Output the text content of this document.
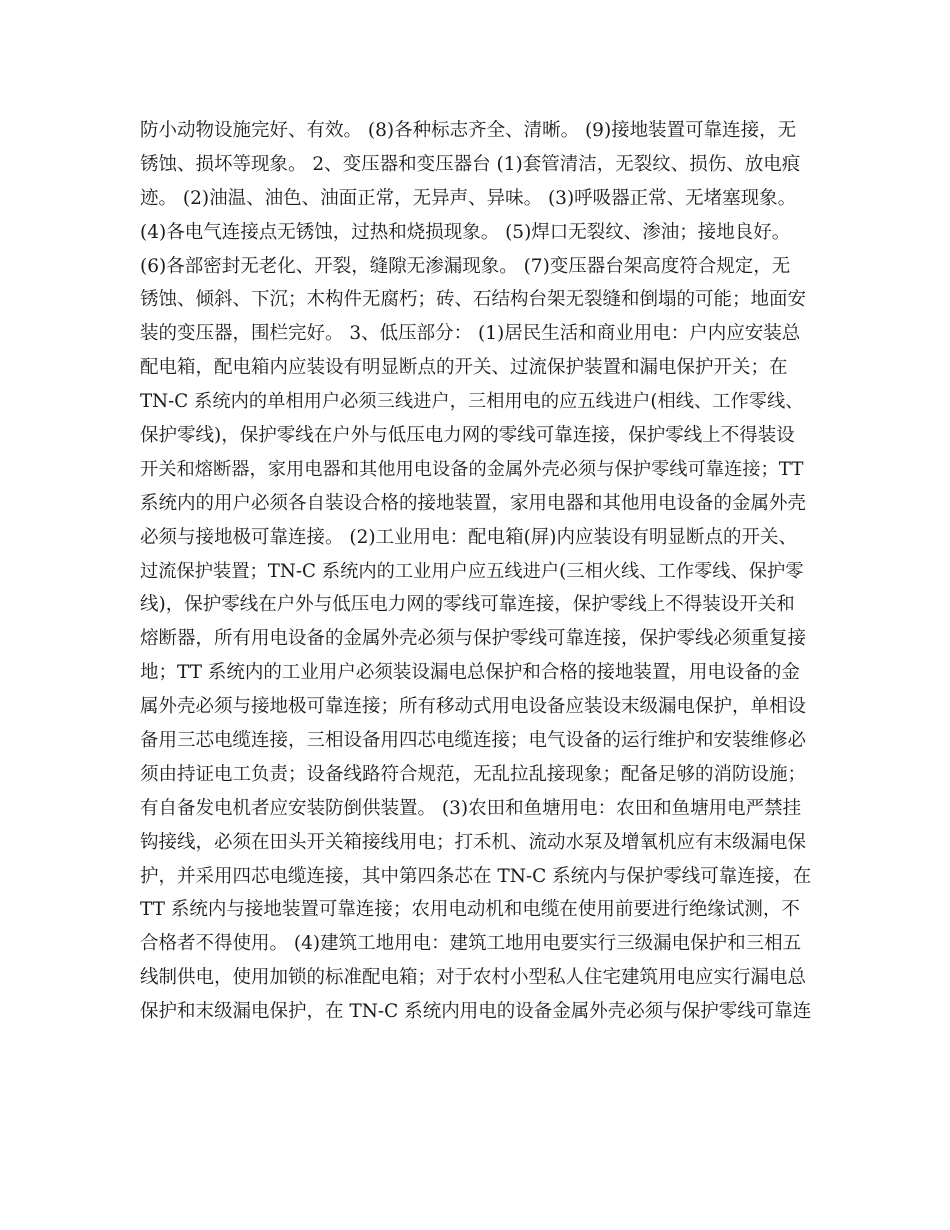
防小动物设施完好、有效。 (8)各种标志齐全、清晰。 (9)接地装置可靠连接，无
锈蚀、损坏等现象。 2、变压器和变压器台 (1)套管清洁，无裂纹、损伤、放电痕
迹。 (2)油温、油色、油面正常，无异声、异味。 (3)呼吸器正常、无堵塞现象。
(4)各电气连接点无锈蚀，过热和烧损现象。 (5)焊口无裂纹、渗油；接地良好。
(6)各部密封无老化、开裂，缝隙无渗漏现象。 (7)变压器台架高度符合规定，无
锈蚀、倾斜、下沉；木构件无腐朽；砖、石结构台架无裂缝和倒塌的可能；地面安
装的变压器，围栏完好。 3、低压部分： (1)居民生活和商业用电：户内应安装总
配电箱，配电箱内应装设有明显断点的开关、过流保护装置和漏电保护开关；在
TN-C 系统内的单相用户必须三线进户，三相用电的应五线进户(相线、工作零线、
保护零线)，保护零线在户外与低压电力网的零线可靠连接，保护零线上不得装设
开关和熔断器，家用电器和其他用电设备的金属外壳必须与保护零线可靠连接；TT
系统内的用户必须各自装设合格的接地装置，家用电器和其他用电设备的金属外壳
必须与接地极可靠连接。 (2)工业用电：配电箱(屏)内应装设有明显断点的开关、
过流保护装置；TN-C 系统内的工业用户应五线进户(三相火线、工作零线、保护零
线)，保护零线在户外与低压电力网的零线可靠连接，保护零线上不得装设开关和
熔断器，所有用电设备的金属外壳必须与保护零线可靠连接，保护零线必须重复接
地；TT 系统内的工业用户必须装设漏电总保护和合格的接地装置，用电设备的金
属外壳必须与接地极可靠连接；所有移动式用电设备应装设末级漏电保护，单相设
备用三芯电缆连接，三相设备用四芯电缆连接；电气设备的运行维护和安装维修必
须由持证电工负责；设备线路符合规范，无乱拉乱接现象；配备足够的消防设施；
有自备发电机者应安装防倒供装置。 (3)农田和鱼塘用电：农田和鱼塘用电严禁挂
钩接线，必须在田头开关箱接线用电；打禾机、流动水泵及增氧机应有末级漏电保
护，并采用四芯电缆连接，其中第四条芯在 TN-C 系统内与保护零线可靠连接，在
TT 系统内与接地装置可靠连接；农用电动机和电缆在使用前要进行绝缘试测，不
合格者不得使用。 (4)建筑工地用电：建筑工地用电要实行三级漏电保护和三相五
线制供电，使用加锁的标准配电箱；对于农村小型私人住宅建筑用电应实行漏电总
保护和末级漏电保护，在 TN-C 系统内用电的设备金属外壳必须与保护零线可靠连
